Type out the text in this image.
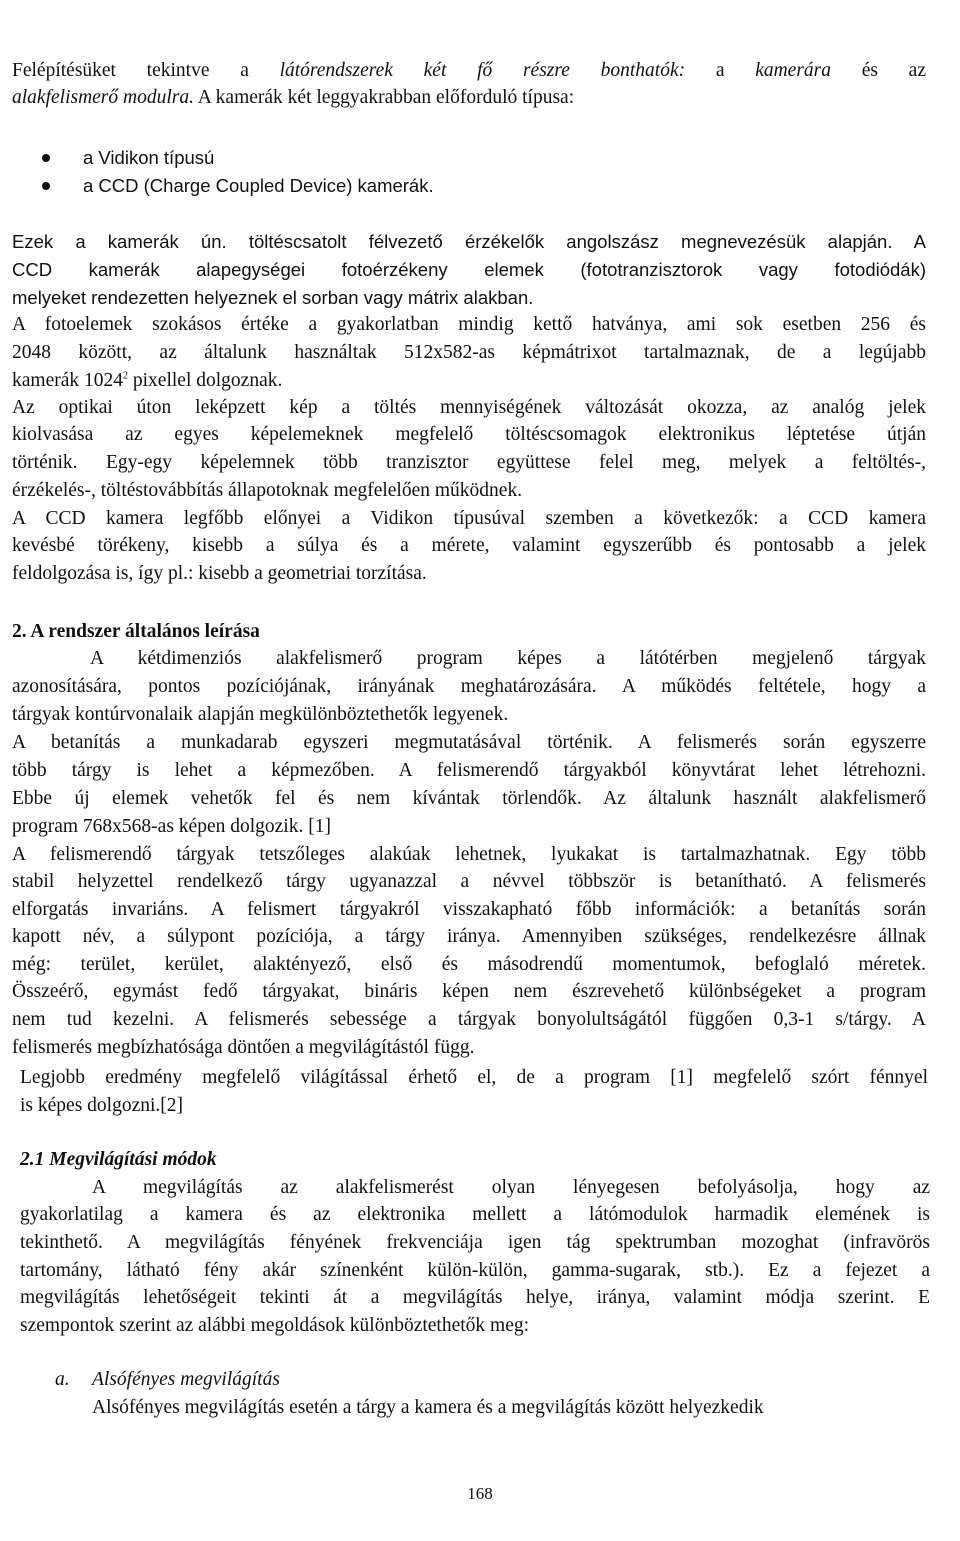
Felépítésüket tekintve a látórendszerek két fő részre bonthatók: a kamerára és az
alakfelismerő modulra. A kamerák két leggyakrabban előforduló típusa:
a Vidikon típusú
a CCD (Charge Coupled Device) kamerák.
Ezek a kamerák ún. töltéscsatolt félvezető érzékelők angolszász megnevezésük alapján. A
CCD kamerák alapegységei fotoérzékeny elemek (fototranzisztorok vagy fotodiódák)
melyeket rendezetten helyeznek el sorban vagy mátrix alakban.
A fotoelemek szokásos értéke a gyakorlatban mindig kettő hatványa, ami sok esetben 256 és
2048 között, az általunk használtak 512x582-as képmátrixot tartalmaznak, de a legújabb
kamerák 1024$^2$ pixellel dolgoznak.
Az optikai úton leképzett kép a töltés mennyiségének változását okozza, az analóg jelek
kiolvasása az egyes képelemeknek megfelelő töltéscsomagok elektronikus léptetése útján
történik. Egy-egy képelemnek több tranzisztor együttese felel meg, melyek a feltöltés-,
érzékelés-, töltéstovábbítás állapotoknak megfelelően működnek.
A CCD kamera legfőbb előnyei a Vidikon típusúval szemben a következők: a CCD kamera
kevésbé törékeny, kisebb a súlya és a mérete, valamint egyszerűbb és pontosabb a jelek
feldolgozása is, így pl.: kisebb a geometriai torzítása.
2. A rendszer általános leírása
A kétdimenziós alakfelismerő program képes a látótérben megjelenő tárgyak
azonosítására, pontos pozíciójának, irányának meghatározására. A működés feltétele, hogy a
tárgyak kontúrvonalaik alapján megkülönböztethetők legyenek.
A betanítás a munkadarab egyszeri megmutatásával történik. A felismerés során egyszerre
több tárgy is lehet a képmezőben. A felismerendő tárgyakból könyvtárat lehet létrehozni.
Ebbe új elemek vehetők fel és nem kívántak törlendők. Az általunk használt alakfelismerő
program 768x568-as képen dolgozik. [1]
A felismerendő tárgyak tetszőleges alakúak lehetnek, lyukakat is tartalmazhatnak. Egy több
stabil helyzettel rendelkező tárgy ugyanazzal a névvel többször is betanítható. A felismerés
elforgatás invariáns. A felismert tárgyakról visszakapható főbb információk: a betanítás során
kapott név, a súlypont pozíciója, a tárgy iránya. Amennyiben szükséges, rendelkezésre állnak
még: terület, kerület, alaktényező, első és másodrendű momentumok, befoglaló méretek.
Összeérő, egymást fedő tárgyakat, bináris képen nem észrevehető különbségeket a program
nem tud kezelni. A felismerés sebessége a tárgyak bonyolultságától függően 0,3-1 s/tárgy. A
felismerés megbízhatósága döntően a megvilágítástól függ.
Legjobb eredmény megfelelő világítással érhető el, de a program [1] megfelelő szórt fénnyel
is képes dolgozni.[2]
2.1 Megvilágítási módok
A megvilágítás az alakfelismerést olyan lényegesen befolyásolja, hogy az
gyakorlatilag a kamera és az elektronika mellett a látómodulok harmadik elemének is
tekinthető. A megvilágítás fényének frekvenciája igen tág spektrumban mozoghat (infravörös
tartomány, látható fény akár színenként külön-külön, gamma-sugarak, stb.). Ez a fejezet a
megvilágítás lehetőségeit tekinti át a megvilágítás helye, iránya, valamint módja szerint. E
szempontok szerint az alábbi megoldások különböztethetők meg:
a.	Alsófényes megvilágítás
Alsófényes megvilágítás esetén a tárgy a kamera és a megvilágítás között helyezkedik
168
